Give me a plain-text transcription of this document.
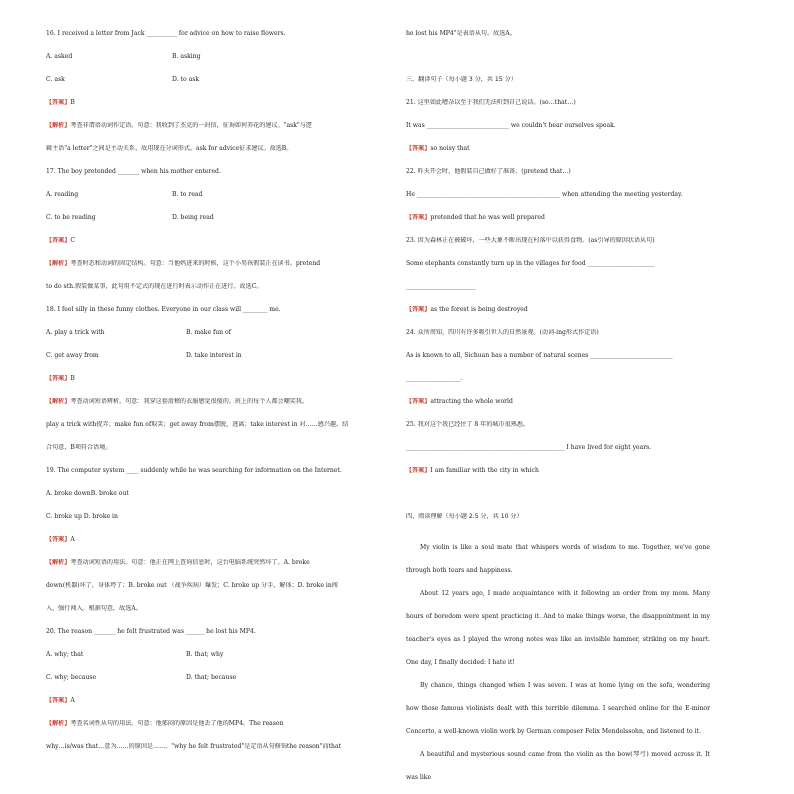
16. I received a letter from Jack __________ for advice on how to raise flowers.
A. asked	B. asking
C. ask	D. to ask
【答案】B
【解析】考查非谓语动词作定语。句意：我收到了杰克的一封信，征询如何养花的建议。"ask"与逻
辑主语"a letter"之间是主动关系，故用现在分词形式。ask for advice征求建议。故选B。
17. The boy pretended _______ when his mother entered.
A. reading	B. to read
C. to be reading	D. being read
【答案】C
【解析】考查时态和动词的固定结构。句意：当他妈进来的时候，这个小男孩假装正在读书。pretend
to do sth.假装做某事，此句用不定式的现在进行时表示动作正在进行。故选C。
18. I feel silly in these funny clothes. Everyone in our class will ________ me.
A. play a trick with	B. make fun of
C. get away from	D. take interest in
【答案】B
【解析】考查动词短语辨析。句意：我穿这套滑稽的衣服感觉很傻的。班上的每个人都会嘲笑我。
play a trick with捉弄；make fun of取笑；get away from摆脱，逃离；take interest in 对……感兴趣。结
合句意，B项符合语境。
19. The computer system ____ suddenly while he was searching for information on the Internet.
A. broke downB. broke out
C. broke up D. broke in
【答案】A
【解析】考查动词短语的用法。句意：他正在网上查询信息时，这台电脑系统突然坏了。A. broke
down(机器)坏了，身体垮了；B. broke out （战争疾病）爆发；C. broke up 分手，解体；D. broke in闯
入，强行闯入。根据句意，故选A。
20. The reason _______ he felt frustrated was ______ he lost his MP4.
A. why; that	B. that; why
C. why; because	D. that; because
【答案】A
【解析】考查名词性从句的用法。句意：他郁闷的原因是他丢了他的MP4。The reason
why…is/was that…意为……的原因是……。"why he felt frustrated"是定语从句修饰the reason"而that
he lost his MP4"是表语从句。故选A。
三、翻译句子（每小题 3 分，共 15 分）
21. 这里如此嘈杂以至于我们无法听到自己说话。(so…that…)
It was ___________________________ we couldn't hear ourselves speak.
【答案】so noisy that
22. 昨天开会时，他假装自己做好了准备。(pretend that…)
He _______________________________________________ when attending the meeting yesterday.
【答案】pretended that he was well prepared
23. 因为森林正在被破坏，一些大象不断出现在村落中以获得食物。(as引导的原因状语从句)
Some elephants constantly turn up in the villages for food ______________________
_______________________
【答案】as the forest is being destroyed
24. 众所周知，四川有许多吸引世人的自然景观。(动词-ing形式作定语)
As is known to all, Sichuan has a number of natural scenes ___________________________
__________________.
【答案】attracting the whole world
25. 我对这个我已经住了 8 年的城市很熟悉。
____________________________________________________ I have lived for eight years.
【答案】I am familiar with the city in which
四、阅读理解（每小题 2.5 分，共 10 分）

My violin is like a soul mate that whispers words of wisdom to me. Together, we've gone through both tears and happiness.

About 12 years ago, I made acquaintance with it following an order from my mom. Many hours of boredom were spent practicing it. And to make things worse, the disappointment in my teacher's eyes as I played the wrong notes was like an invisible hammer, striking on my heart. One day, I finally decided: I hate it!

By chance, things changed when I was seven. I was at home lying on the sofa, wondering how those famous violinists dealt with this terrible dilemma. I searched online for the E-minor Concerto, a well-known violin work by German composer Felix Mendelssohn, and listened to it.

A beautiful and mysterious sound came from the violin as the bow(琴弓) moved across it. It was like
